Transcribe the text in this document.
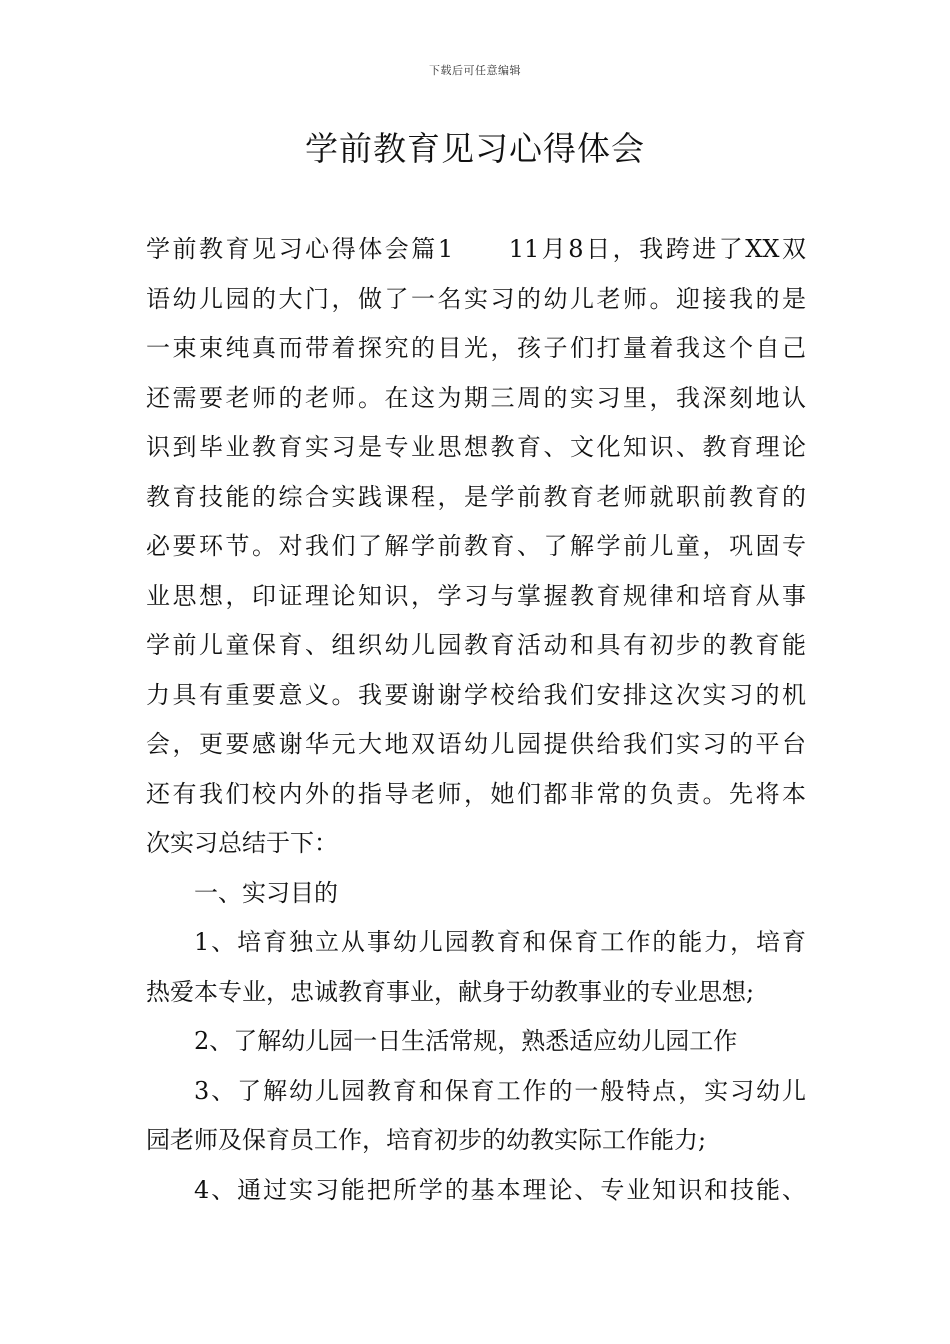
下载后可任意编辑
学前教育见习心得体会
学前教育见习心得体会篇1　　11月8日，我跨进了XX双
语幼儿园的大门，做了一名实习的幼儿老师。迎接我的是
一束束纯真而带着探究的目光，孩子们打量着我这个自己
还需要老师的老师。在这为期三周的实习里，我深刻地认
识到毕业教育实习是专业思想教育、文化知识、教育理论
教育技能的综合实践课程，是学前教育老师就职前教育的
必要环节。对我们了解学前教育、了解学前儿童，巩固专
业思想，印证理论知识，学习与掌握教育规律和培育从事
学前儿童保育、组织幼儿园教育活动和具有初步的教育能
力具有重要意义。我要谢谢学校给我们安排这次实习的机
会，更要感谢华元大地双语幼儿园提供给我们实习的平台
还有我们校内外的指导老师，她们都非常的负责。先将本
次实习总结于下：
一、实习目的
1、培育独立从事幼儿园教育和保育工作的能力，培育
热爱本专业，忠诚教育事业，献身于幼教事业的专业思想;
2、了解幼儿园一日生活常规，熟悉适应幼儿园工作
3、了解幼儿园教育和保育工作的一般特点，实习幼儿
园老师及保育员工作，培育初步的幼教实际工作能力;
4、通过实习能把所学的基本理论、专业知识和技能、
